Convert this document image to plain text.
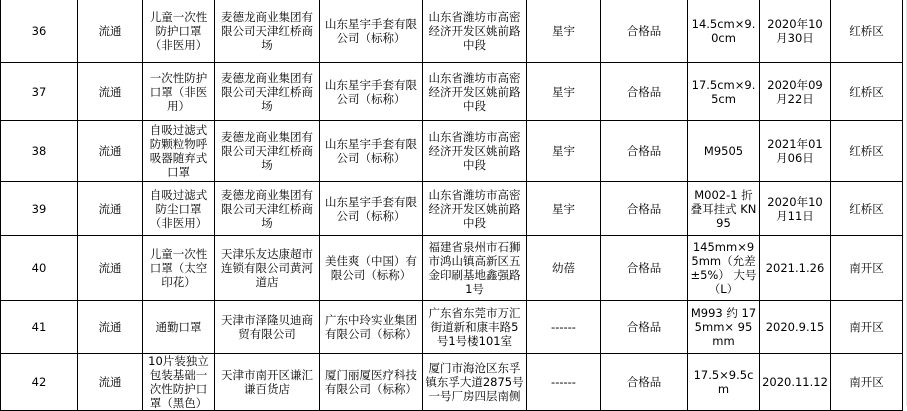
36	流通	儿童一次性防护口罩（非医用）	麦德龙商业集团有限公司天津红桥商场	山东星宇手套有限公司（标称）	山东省潍坊市高密经济开发区姚前路中段	星宇	合格品	14.5cm×9.0cm	2020年10月30日	红桥区
37	流通	一次性防护口罩（非医用）	麦德龙商业集团有限公司天津红桥商场	山东星宇手套有限公司（标称）	山东省潍坊市高密经济开发区姚前路中段	星宇	合格品	17.5cm×9.5cm	2020年09月22日	红桥区
38	流通	自吸过滤式防颗粒物呼吸器随弃式口罩	麦德龙商业集团有限公司天津红桥商场	山东星宇手套有限公司（标称）	山东省潍坊市高密经济开发区姚前路中段	星宇	合格品	M9505	2021年01月06日	红桥区
39	流通	自吸过滤式防尘口罩（非医用）	麦德龙商业集团有限公司天津红桥商场	山东星宇手套有限公司（标称）	山东省潍坊市高密经济开发区姚前路中段	星宇	合格品	M002-1 折叠耳挂式 KN95	2020年10月11日	红桥区
40	流通	儿童一次性口罩（太空印花）	天津乐友达康超市连锁有限公司黄河道店	美佳爽（中国）有限公司（标称）	福建省泉州市石狮市鸿山镇高新区五金印刷基地鑫强路1号	幼蓓	合格品	145mm×95mm（允差±5%） 大号（L）	2021.1.26	南开区
41	流通	通勤口罩	天津市泽隆贝迪商贸有限公司	广东中玲实业集团有限公司（标称）	广东省东莞市万汇街道新和康丰路5号1号楼101室	------	合格品	M993 约 175mm× 95mm	2020.9.15	南开区
42	流通	10片装独立包装基础一次性防护口罩（黑色）	天津市南开区谦汇谦百货店	厦门丽厦医疗科技有限公司（标称）	厦门市海沧区东孚镇东孚大道2875号一号厂房四层南侧	------	合格品	17.5×9.5cm	2020.11.12	南开区
